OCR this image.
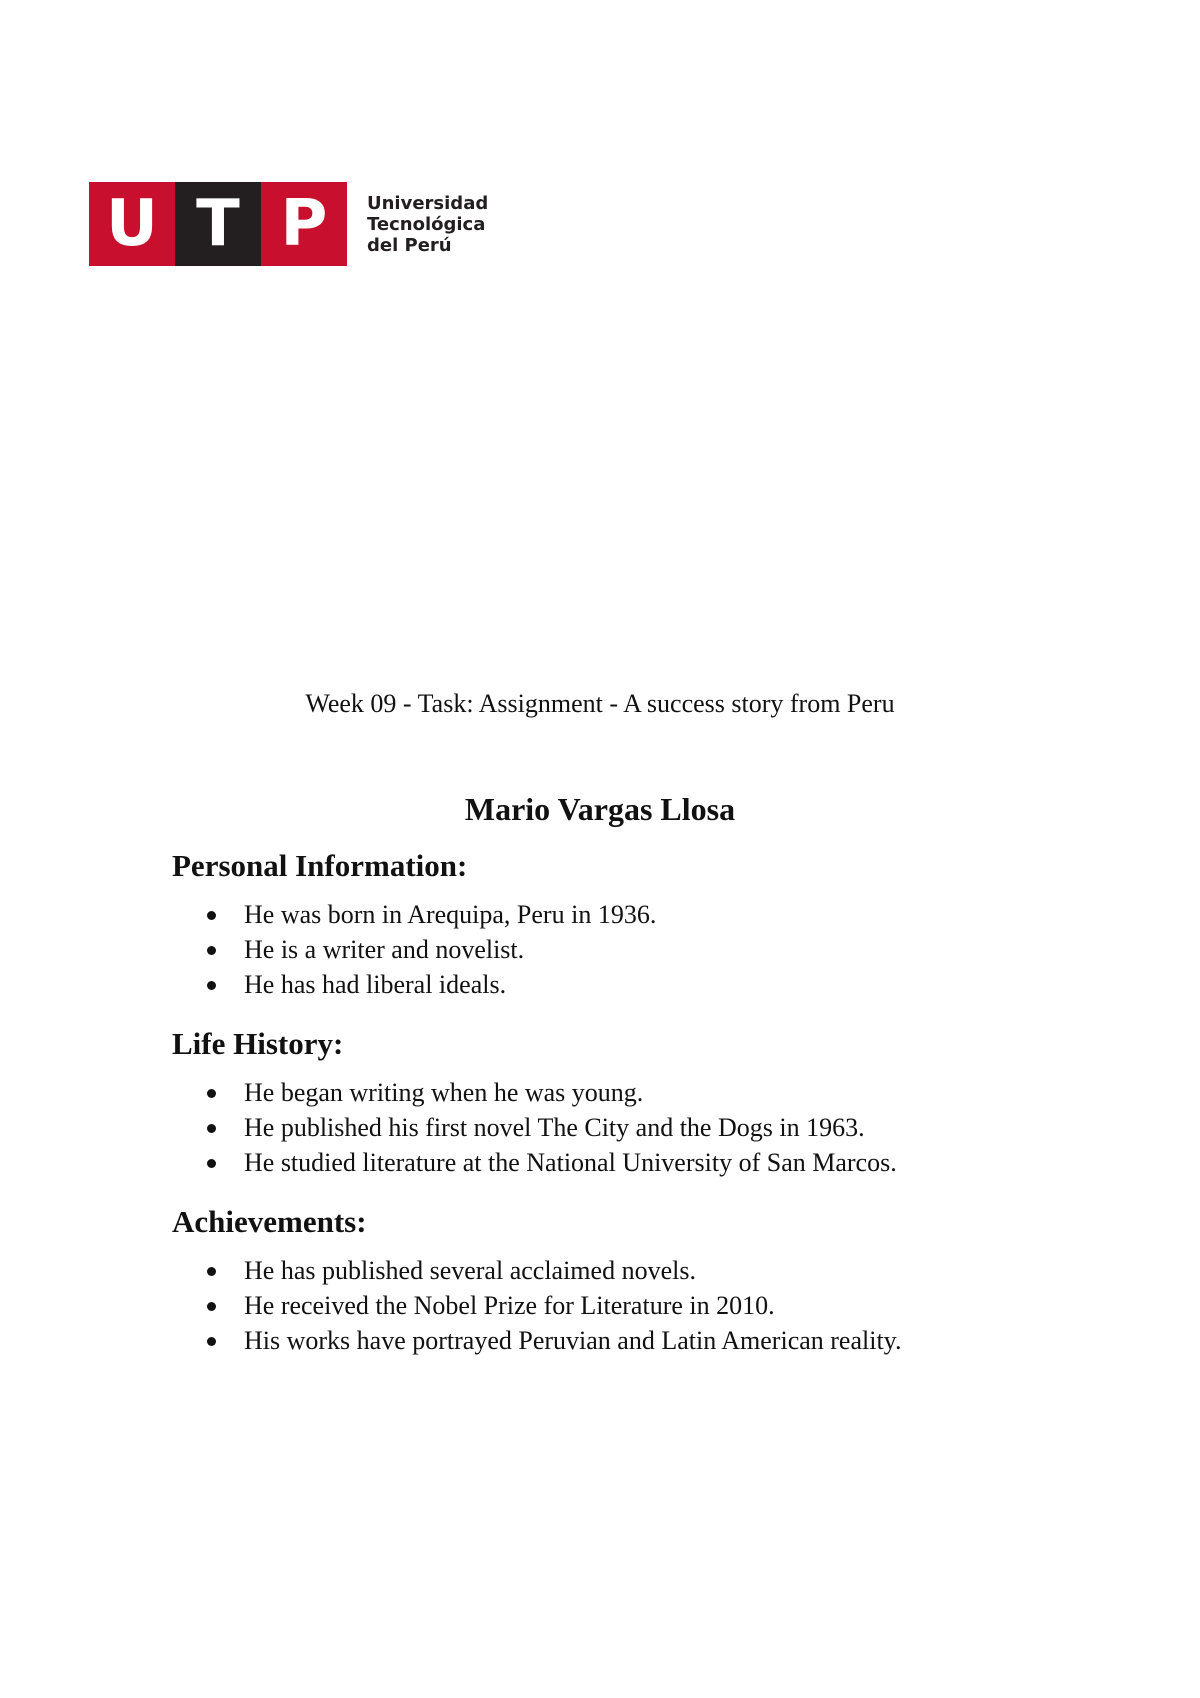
U T P	Universidad
Tecnológica
del Perú
Week 09 - Task: Assignment - A success story from Peru
Mario Vargas Llosa
Personal Information:
He was born in Arequipa, Peru in 1936.
He is a writer and novelist.
He has had liberal ideals.
Life History:
He began writing when he was young.
He published his first novel The City and the Dogs in 1963.
He studied literature at the National University of San Marcos.
Achievements:
He has published several acclaimed novels.
He received the Nobel Prize for Literature in 2010.
His works have portrayed Peruvian and Latin American reality.
